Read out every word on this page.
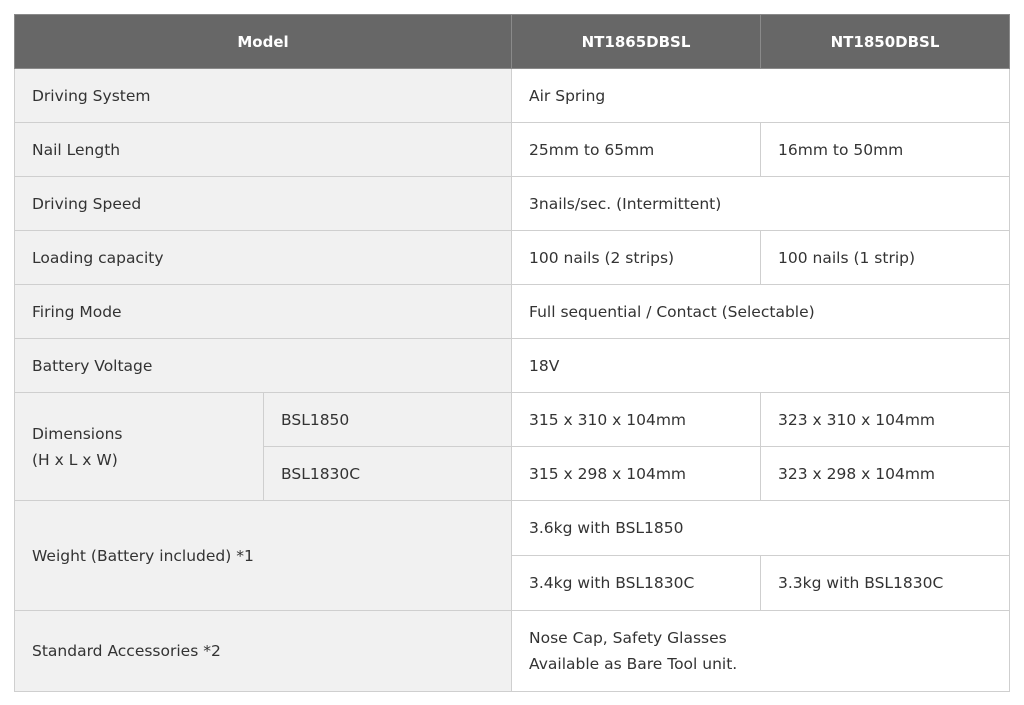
Model		NT1865DBSL	NT1850DBSL
Driving System		Air Spring	
Nail Length		25mm to 65mm	16mm to 50mm
Driving Speed		3nails/sec. (Intermittent)	
Loading capacity		100 nails (2 strips)	100 nails (1 strip)
Firing Mode		Full sequential / Contact (Selectable)	
Battery Voltage		18V	

Dimensions
(H x L x W)	BSL1850	315 x 310 x 104mm	323 x 310 x 104mm
	BSL1830C	315 x 298 x 104mm	323 x 298 x 104mm
Weight (Battery included) *1		3.6kg with BSL1850	
		3.4kg with BSL1830C	3.3kg with BSL1830C
Standard Accessories *2		Nose Cap, Safety Glasses
Available as Bare Tool unit.	
